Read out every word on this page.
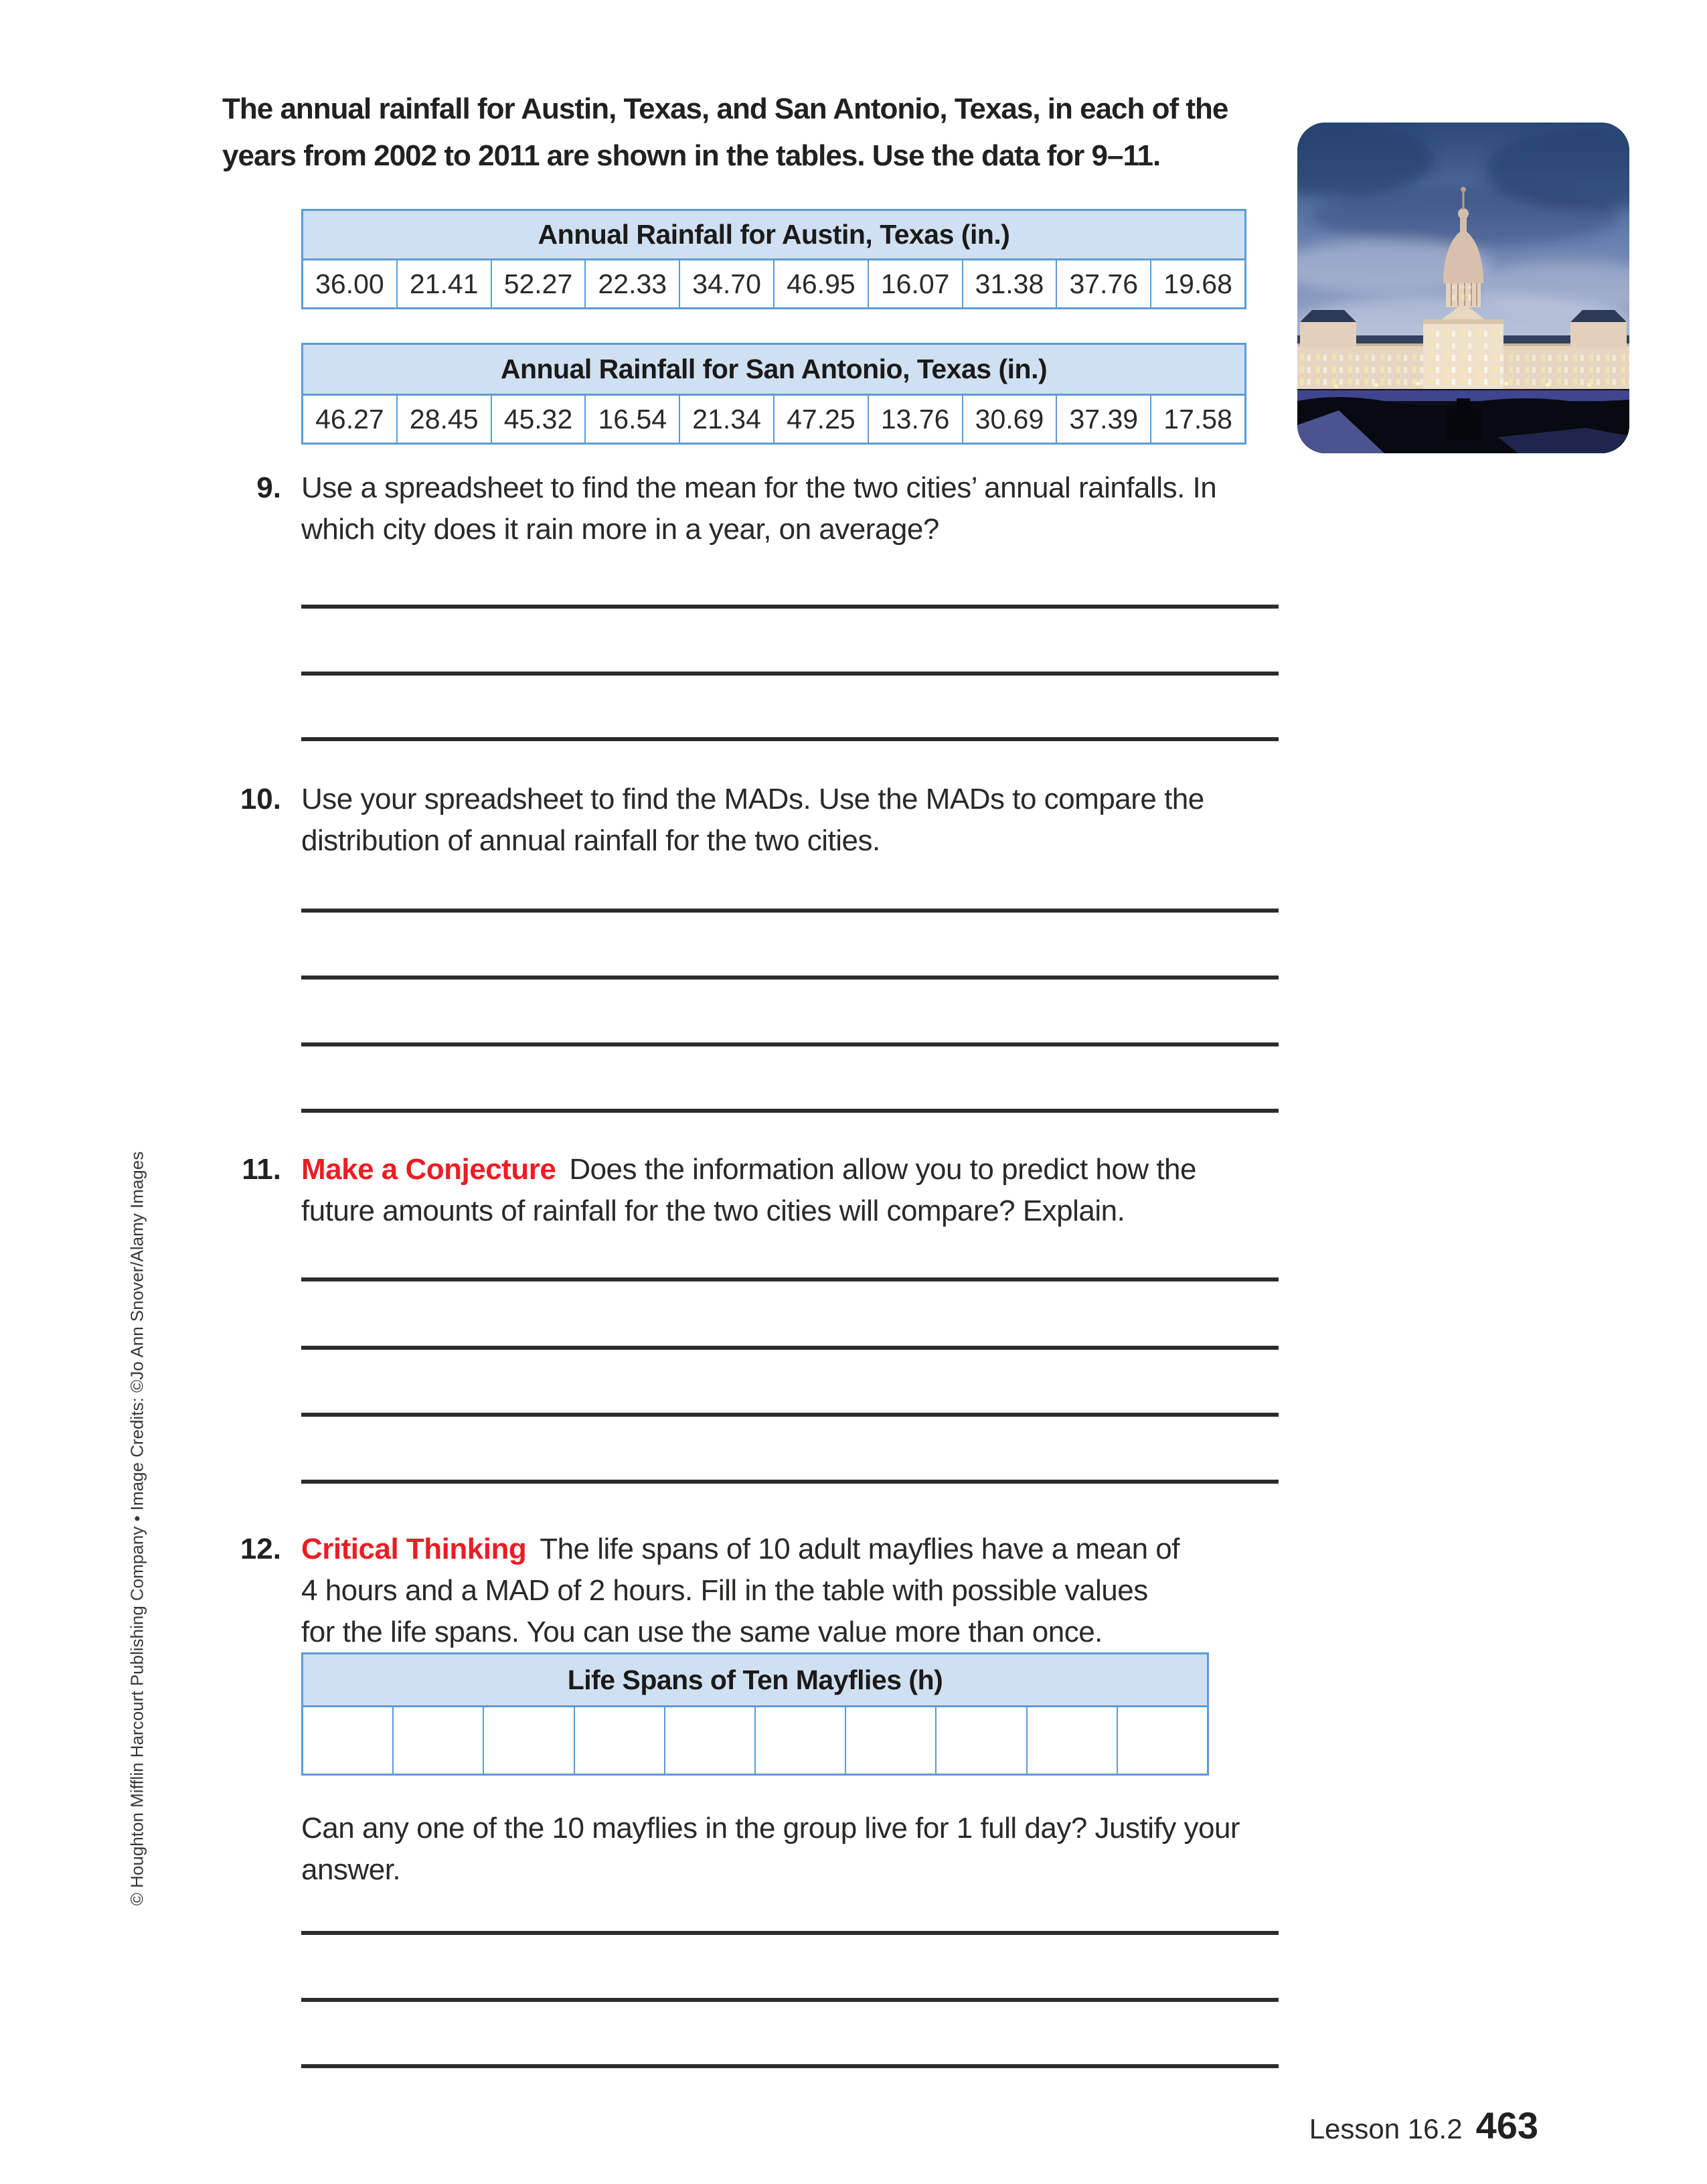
The annual rainfall for Austin, Texas, and San Antonio, Texas, in each of the
years from 2002 to 2011 are shown in the tables. Use the data for 9–11.
Annual Rainfall for Austin, Texas (in.)
36.00 21.41 52.27 22.33 34.70 46.95 16.07 31.38 37.76 19.68
Annual Rainfall for San Antonio, Texas (in.)
46.27 28.45 45.32 16.54 21.34 47.25 13.76 30.69 37.39 17.58
9. Use a spreadsheet to find the mean for the two cities’ annual rainfalls. In
which city does it rain more in a year, on average?
10. Use your spreadsheet to find the MADs. Use the MADs to compare the
distribution of annual rainfall for the two cities.
11. Make a Conjecture Does the information allow you to predict how the
future amounts of rainfall for the two cities will compare? Explain.
12. Critical Thinking The life spans of 10 adult mayflies have a mean of
4 hours and a MAD of 2 hours. Fill in the table with possible values
for the life spans. You can use the same value more than once.
Life Spans of Ten Mayflies (h)
Can any one of the 10 mayflies in the group live for 1 full day? Justify your
answer.
© Houghton Mifflin Harcourt Publishing Company • Image Credits: ©Jo Ann Snover/Alamy Images
Lesson 16.2 463
